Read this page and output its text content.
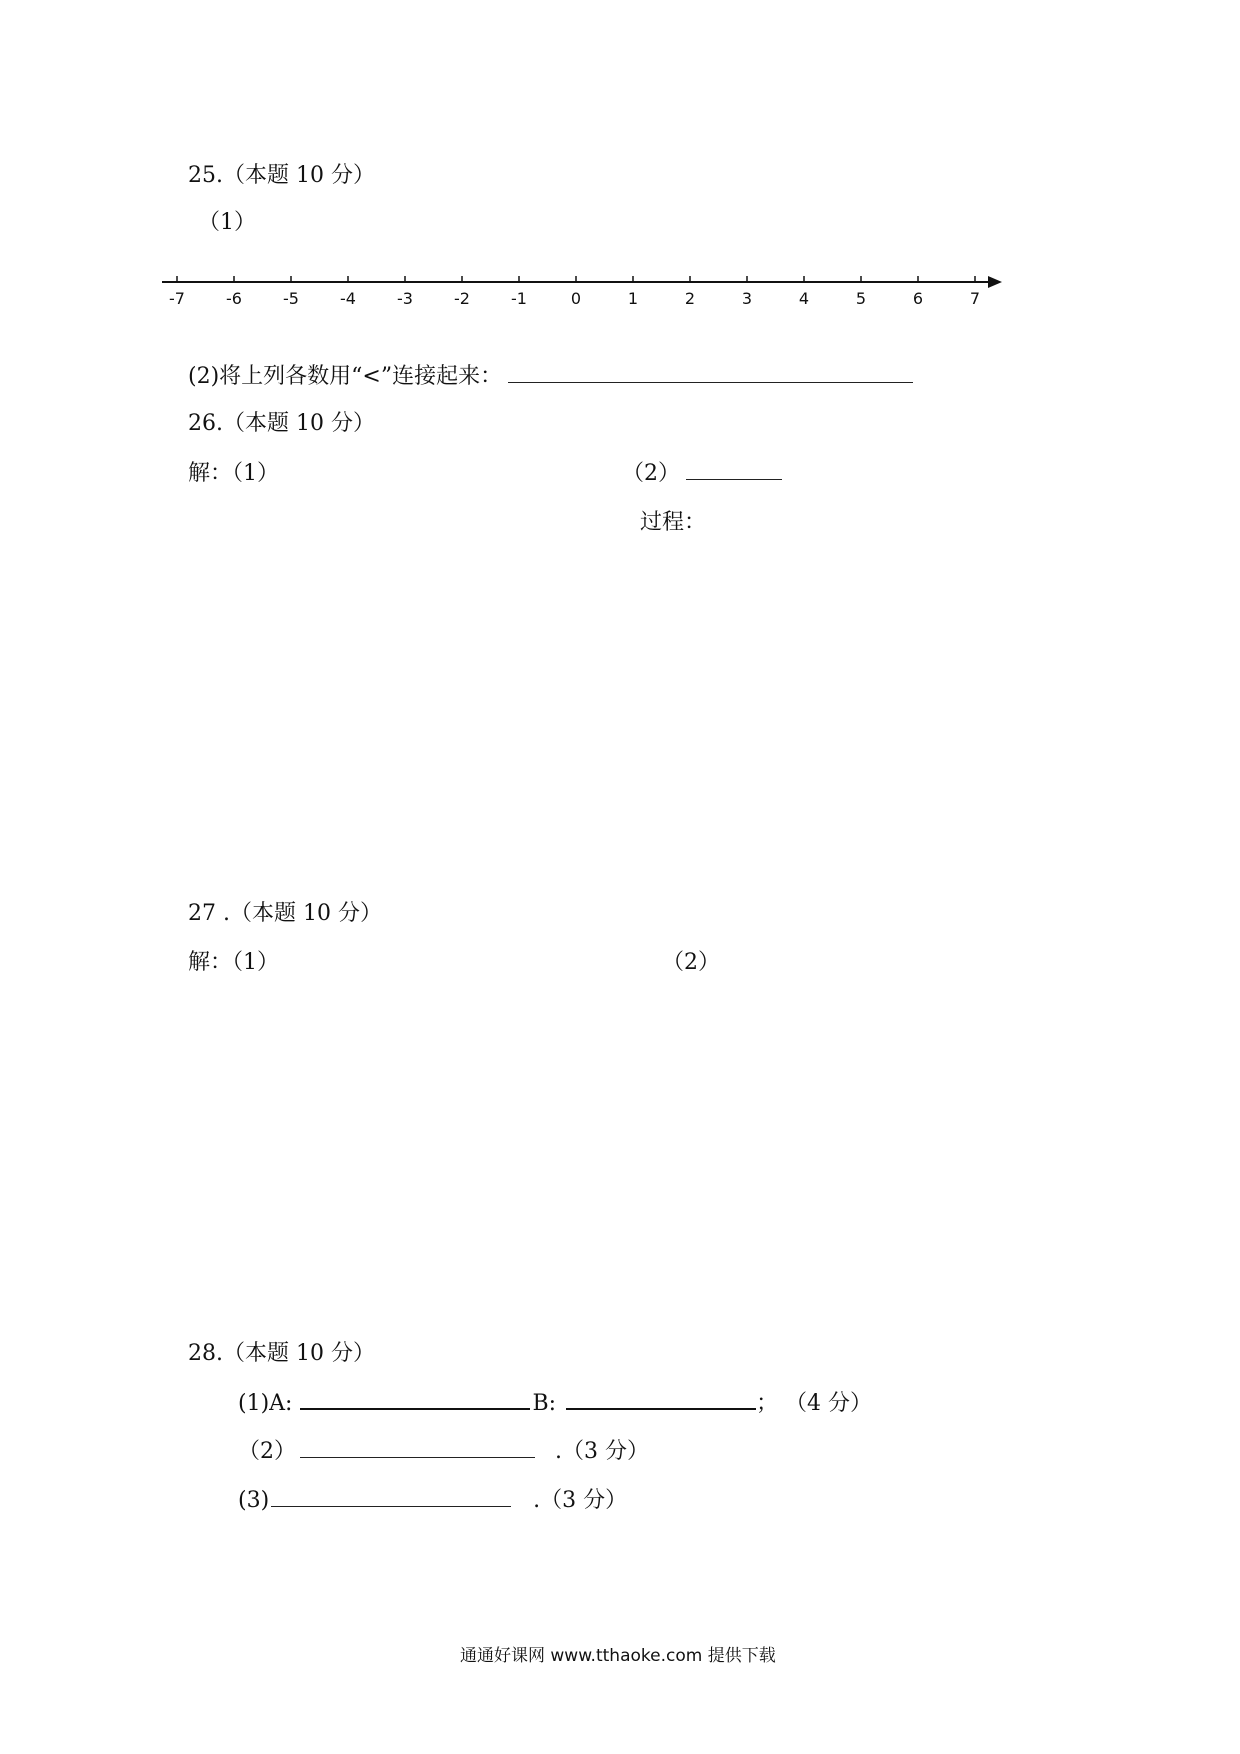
25.（本题 10 分）
（1）
-7	-6	-5	-4	-3	-2	-1	0	1	2	3	4	5	6	7
(2)将上列各数用“<”连接起来：
26.（本题 10 分）
解：（1）	（2）
过程：
27 .（本题 10 分）
解：（1）	（2）
28.（本题 10 分）
(1)A:	B:	； （4 分）
（2）	.（3 分）
(3)	.（3 分）
通通好课网 www.tthaoke.com 提供下载
